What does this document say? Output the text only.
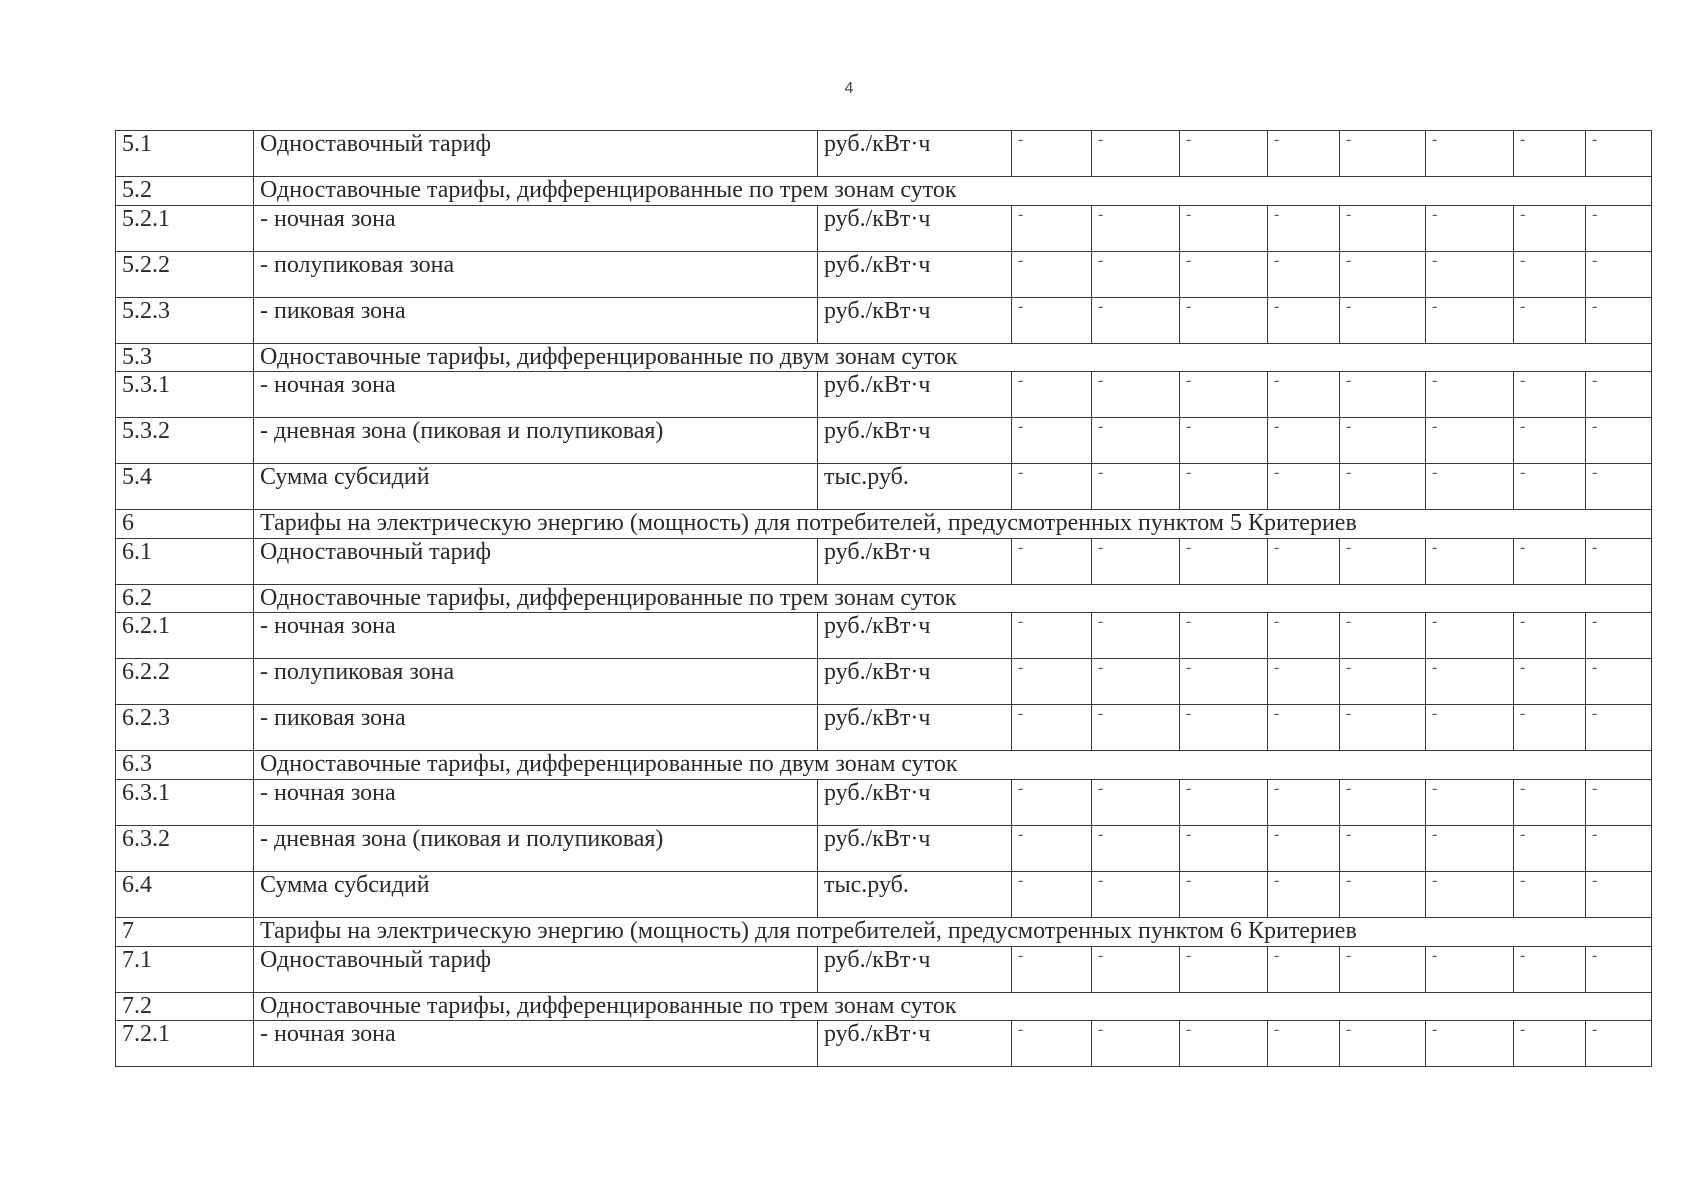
4
5.1	Одноставочный тариф	руб./кВт·ч	-	-	-	-	-	-	-	-
5.2	Одноставочные тарифы, дифференцированные по трем зонам суток									
5.2.1	- ночная зона	руб./кВт·ч	-	-	-	-	-	-	-	-
5.2.2	- полупиковая зона	руб./кВт·ч	-	-	-	-	-	-	-	-
5.2.3	- пиковая зона	руб./кВт·ч	-	-	-	-	-	-	-	-
5.3	Одноставочные тарифы, дифференцированные по двум зонам суток									
5.3.1	- ночная зона	руб./кВт·ч	-	-	-	-	-	-	-	-
5.3.2	- дневная зона (пиковая и полупиковая)	руб./кВт·ч	-	-	-	-	-	-	-	-
5.4	Сумма субсидий	тыс.руб.	-	-	-	-	-	-	-	-
6	Тарифы на электрическую энергию (мощность) для потребителей, предусмотренных пунктом 5 Критериев									
6.1	Одноставочный тариф	руб./кВт·ч	-	-	-	-	-	-	-	-
6.2	Одноставочные тарифы, дифференцированные по трем зонам суток									
6.2.1	- ночная зона	руб./кВт·ч	-	-	-	-	-	-	-	-
6.2.2	- полупиковая зона	руб./кВт·ч	-	-	-	-	-	-	-	-
6.2.3	- пиковая зона	руб./кВт·ч	-	-	-	-	-	-	-	-
6.3	Одноставочные тарифы, дифференцированные по двум зонам суток									
6.3.1	- ночная зона	руб./кВт·ч	-	-	-	-	-	-	-	-
6.3.2	- дневная зона (пиковая и полупиковая)	руб./кВт·ч	-	-	-	-	-	-	-	-
6.4	Сумма субсидий	тыс.руб.	-	-	-	-	-	-	-	-
7	Тарифы на электрическую энергию (мощность) для потребителей, предусмотренных пунктом 6 Критериев									
7.1	Одноставочный тариф	руб./кВт·ч	-	-	-	-	-	-	-	-
7.2	Одноставочные тарифы, дифференцированные по трем зонам суток									
7.2.1	- ночная зона	руб./кВт·ч	-	-	-	-	-	-	-	-
